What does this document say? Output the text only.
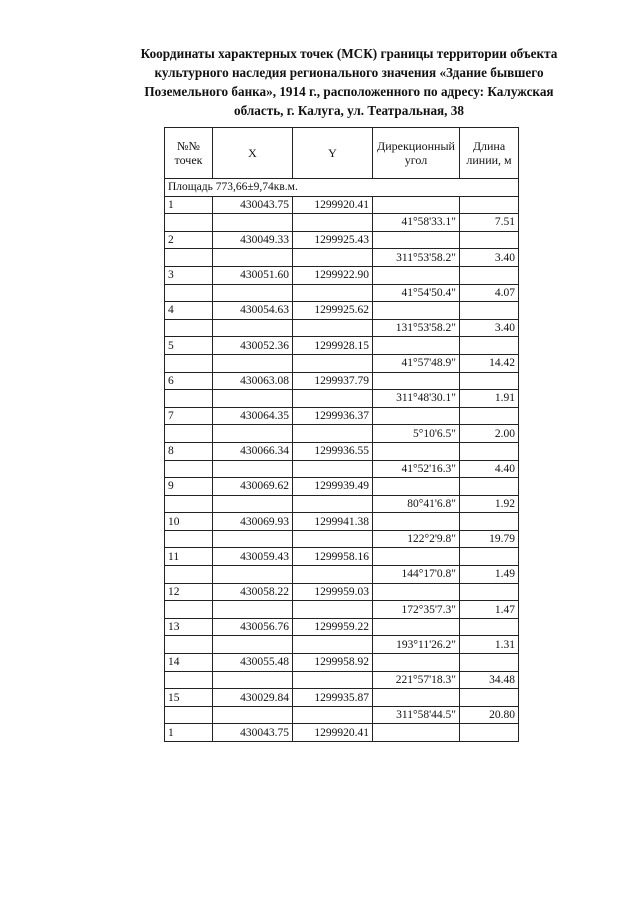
Координаты характерных точек (МСК) границы территории объекта
культурного наследия регионального значения «Здание бывшего
Поземельного банка», 1914 г., расположенного по адресу: Калужская
область, г. Калуга, ул. Театральная, 38
№№ точек	X	Y	Дирекционный угол	Длина линии, м
Площадь 773,66±9,74кв.м.				
1	430043.75	1299920.41		
			41°58'33.1"	7.51
2	430049.33	1299925.43		
			311°53'58.2"	3.40
3	430051.60	1299922.90		
			41°54'50.4"	4.07
4	430054.63	1299925.62		
			131°53'58.2"	3.40
5	430052.36	1299928.15		
			41°57'48.9"	14.42
6	430063.08	1299937.79		
			311°48'30.1"	1.91
7	430064.35	1299936.37		
			5°10'6.5"	2.00
8	430066.34	1299936.55		
			41°52'16.3"	4.40
9	430069.62	1299939.49		
			80°41'6.8"	1.92
10	430069.93	1299941.38		
			122°2'9.8"	19.79
11	430059.43	1299958.16		
			144°17'0.8"	1.49
12	430058.22	1299959.03		
			172°35'7.3"	1.47
13	430056.76	1299959.22		
			193°11'26.2"	1.31
14	430055.48	1299958.92		
			221°57'18.3"	34.48
15	430029.84	1299935.87		
			311°58'44.5"	20.80
1	430043.75	1299920.41		
